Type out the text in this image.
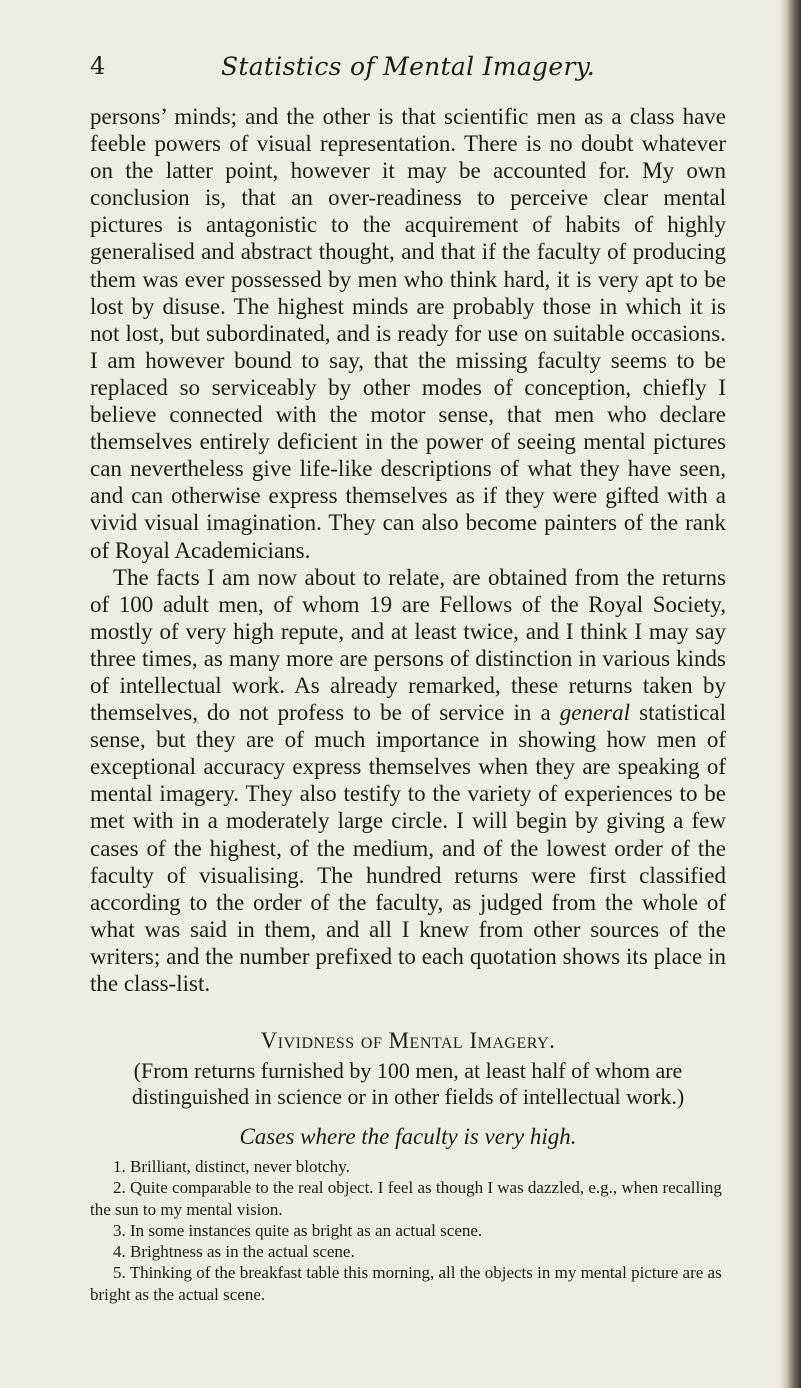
4	Statistics of Mental Imagery.

persons’ minds; and the other is that scientific men as a class have feeble powers of visual representation. There is no doubt whatever on the latter point, however it may be accounted for. My own conclusion is, that an over-readiness to perceive clear mental pictures is antagonistic to the acquirement of habits of highly generalised and abstract thought, and that if the faculty of producing them was ever possessed by men who think hard, it is very apt to be lost by disuse. The highest minds are probably those in which it is not lost, but subordinated, and is ready for use on suitable occasions. I am however bound to say, that the missing faculty seems to be replaced so serviceably by other modes of conception, chiefly I believe connected with the motor sense, that men who declare themselves entirely deficient in the power of seeing mental pictures can nevertheless give life-like descriptions of what they have seen, and can otherwise express themselves as if they were gifted with a vivid visual imagination. They can also become painters of the rank of Royal Academicians.

The facts I am now about to relate, are obtained from the returns of 100 adult men, of whom 19 are Fellows of the Royal Society, mostly of very high repute, and at least twice, and I think I may say three times, as many more are persons of distinction in various kinds of intellectual work. As already remarked, these returns taken by themselves, do not profess to be of service in a general statistical sense, but they are of much importance in showing how men of exceptional accuracy express themselves when they are speaking of mental imagery. They also testify to the variety of experiences to be met with in a moderately large circle. I will begin by giving a few cases of the highest, of the medium, and of the lowest order of the faculty of visualising. The hundred returns were first classified according to the order of the faculty, as judged from the whole of what was said in them, and all I knew from other sources of the writers; and the number prefixed to each quotation shows its place in the class-list.

Vividness of Mental Imagery.

(From returns furnished by 100 men, at least half of whom are distinguished in science or in other fields of intellectual work.)

Cases where the faculty is very high.
1. Brilliant, distinct, never blotchy.
2. Quite comparable to the real object. I feel as though I was dazzled, e.g., when recalling the sun to my mental vision.
3. In some instances quite as bright as an actual scene.
4. Brightness as in the actual scene.
5. Thinking of the breakfast table this morning, all the objects in my mental picture are as bright as the actual scene.
